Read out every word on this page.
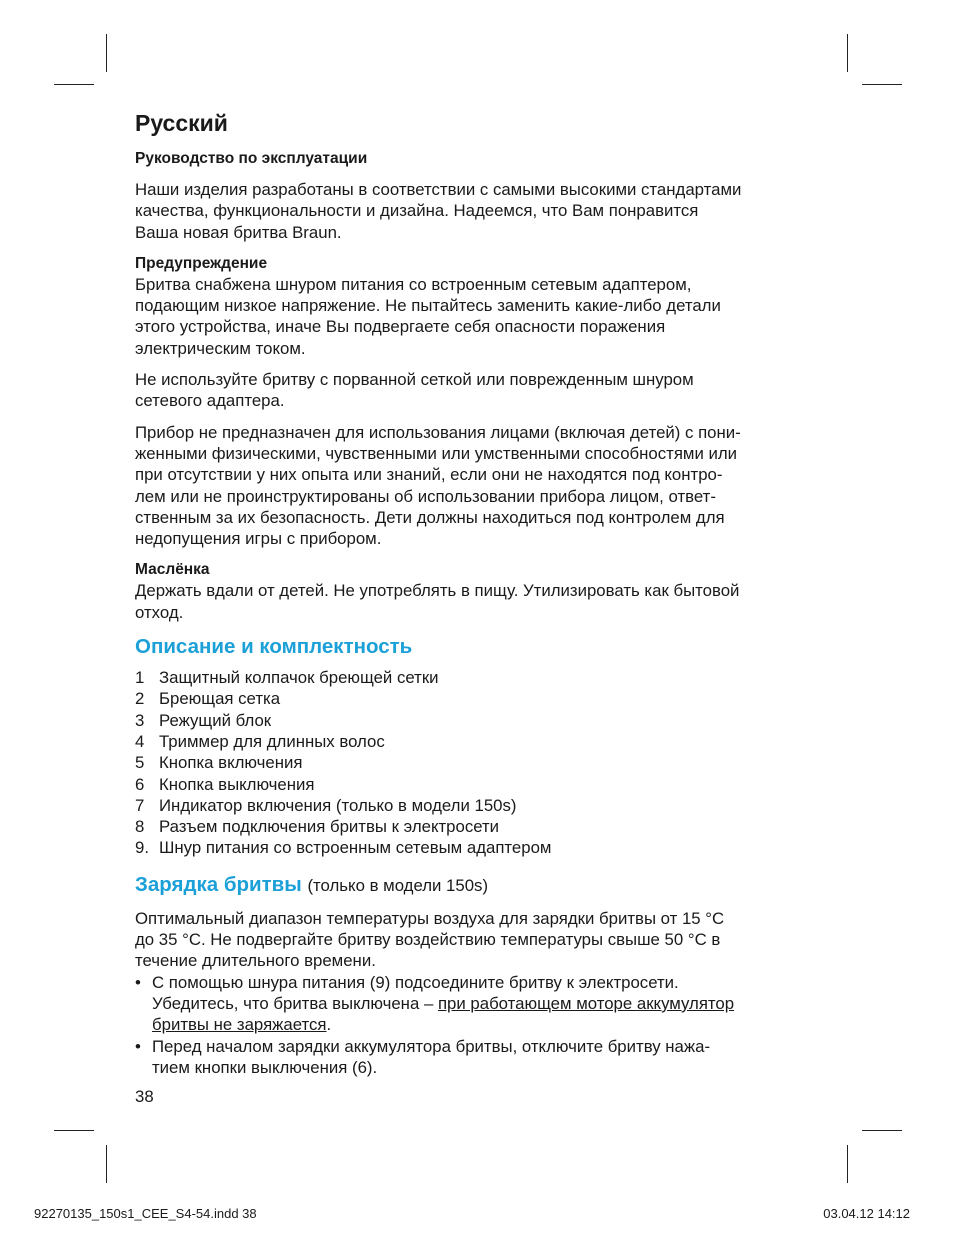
Русский
Руководство по эксплуатации

Наши изделия разработаны в соответствии с самыми высокими стандартами
качества, функциональности и дизайна. Надеемся, что Вам понравится
Ваша новая бритва Braun.

Предупреждение

Бритва снабжена шнуром питания со встроенным сетевым адаптером,
подающим низкое напряжение. Не пытайтесь заменить какие-либо детали
этого устройства, иначе Вы подвергаете себя опасности поражения
электрическим током.

Не используйте бритву с порванной сеткой или поврежденным шнуром
сетевого адаптера.

Прибор не предназначен для использования лицами (включая детей) с пони-
женными физическими, чувственными или умственными способностями или
при отсутствии у них опыта или знаний, если они не находятся под контро-
лем или не проинструктированы об использовании прибора лицом, ответ-
ственным за их безопасность. Дети должны находиться под контролем для
недопущения игры с прибором.

Маслёнка

Держать вдали от детей. Не употреблять в пищу. Утилизировать как бытовой
отход.

Описание и комплектность
1 Защитный колпачок бреющей сетки
2 Бреющая сетка
3 Режущий блок
4 Триммер для длинных волос
5 Кнопка включения
6 Кнопка выключения
7 Индикатор включения (только в модели 150s)
8 Разъем подключения бритвы к электросети
9. Шнур питания со встроенным сетевым адаптером
Зарядка бритвы (только в модели 150s)

Оптимальный диапазон температуры воздуха для зарядки бритвы от 15 °C
до 35 °C. Не подвергайте бритву воздействию температуры свыше 50 °C в
течение длительного времени.

• С помощью шнура питания (9) подсоедините бритву к электросети.
Убедитесь, что бритва выключена – при работающем моторе аккумулятор
бритвы не заряжается.
• Перед началом зарядки аккумулятора бритвы, отключите бритву нажа-
тием кнопки выключения (6).
38
92270135_150s1_CEE_S4-54.indd 38	03.04.12 14:12
